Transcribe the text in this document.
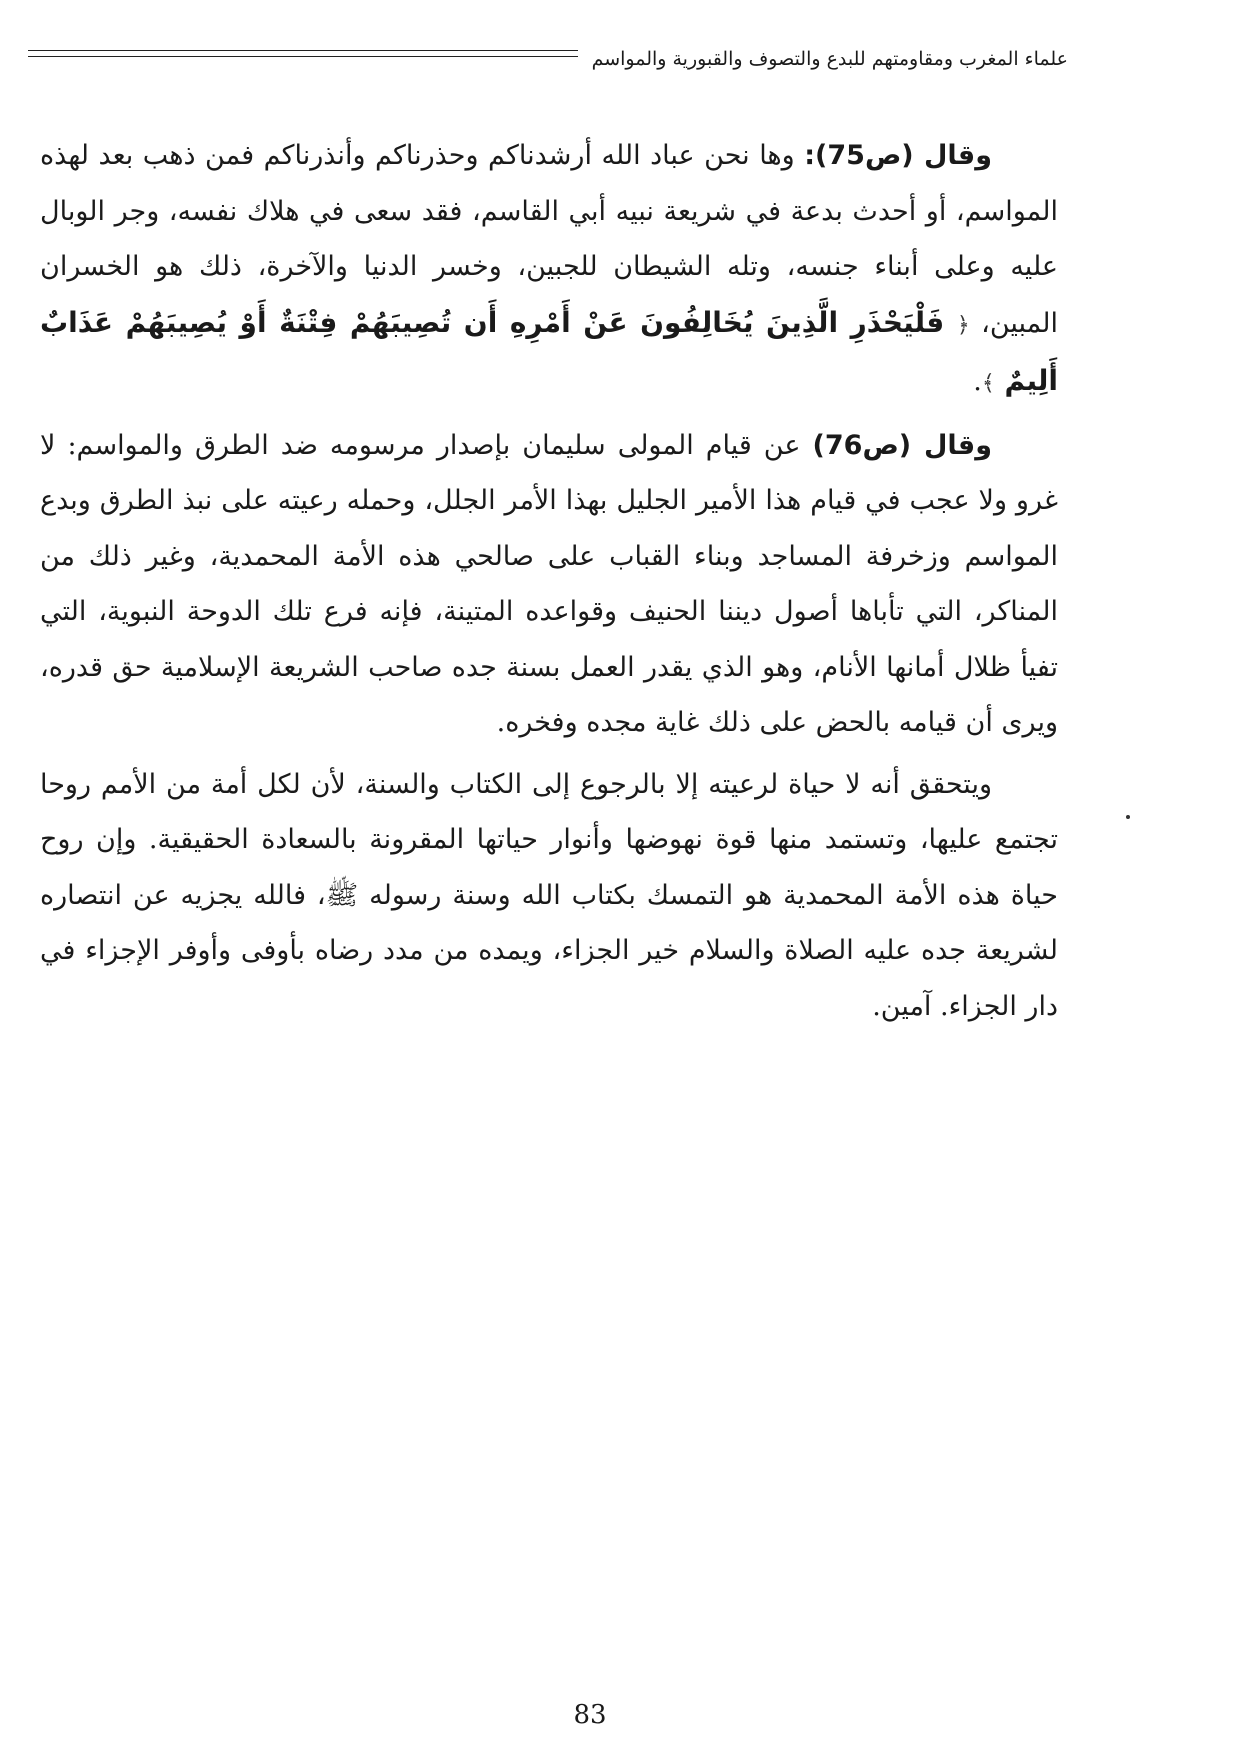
علماء المغرب ومقاومتهم للبدع والتصوف والقبورية والمواسم

وقال (ص75): وها نحن عباد الله أرشدناكم وحذرناكم وأنذرناكم فمن ذهب بعد لهذه المواسم، أو أحدث بدعة في شريعة نبيه أبي القاسم، فقد سعى في هلاك نفسه، وجر الوبال عليه وعلى أبناء جنسه، وتله الشيطان للجبين، وخسر الدنيا والآخرة، ذلك هو الخسران المبين، ﴿ فَلْيَحْذَرِ الَّذِينَ يُخَالِفُونَ عَنْ أَمْرِهِ أَن تُصِيبَهُمْ فِتْنَةٌ أَوْ يُصِيبَهُمْ عَذَابٌ أَلِيمٌ ﴾.

وقال (ص76) عن قيام المولى سليمان بإصدار مرسومه ضد الطرق والمواسم: لا غرو ولا عجب في قيام هذا الأمير الجليل بهذا الأمر الجلل، وحمله رعيته على نبذ الطرق وبدع المواسم وزخرفة المساجد وبناء القباب على صالحي هذه الأمة المحمدية، وغير ذلك من المناكر، التي تأباها أصول ديننا الحنيف وقواعده المتينة، فإنه فرع تلك الدوحة النبوية، التي تفيأ ظلال أمانها الأنام، وهو الذي يقدر العمل بسنة جده صاحب الشريعة الإسلامية حق قدره، ويرى أن قيامه بالحض على ذلك غاية مجده وفخره.

ويتحقق أنه لا حياة لرعيته إلا بالرجوع إلى الكتاب والسنة، لأن لكل أمة من الأمم روحا تجتمع عليها، وتستمد منها قوة نهوضها وأنوار حياتها المقرونة بالسعادة الحقيقية. وإن روح حياة هذه الأمة المحمدية هو التمسك بكتاب الله وسنة رسوله ﷺ، فالله يجزيه عن انتصاره لشريعة جده عليه الصلاة والسلام خير الجزاء، ويمده من مدد رضاه بأوفى وأوفر الإجزاء في دار الجزاء. آمين.

83
